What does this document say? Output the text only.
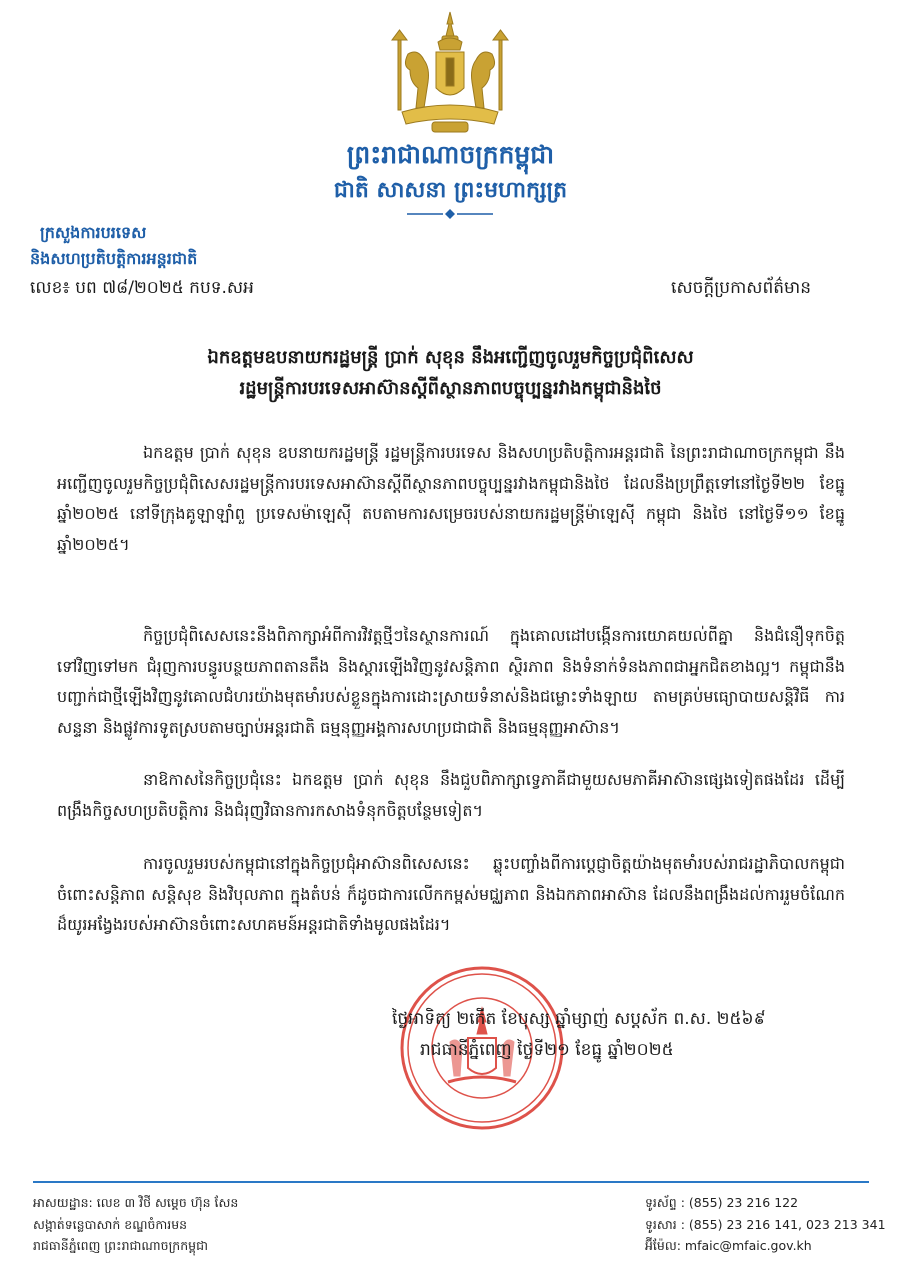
ព្រះរាជាណាចក្រកម្ពុជា
ជាតិ សាសនា ព្រះមហាក្សត្រ
ក្រសួងការបរទេស
និងសហប្រតិបត្តិការអន្តរជាតិ
លេខ៖ បព ៧៨/២០២៥ កបទ.សអ	សេចក្តីប្រកាសព័ត៌មាន
ឯកឧត្តមឧបនាយករដ្ឋមន្ត្រី ប្រាក់ សុខុន នឹងអញ្ជើញចូលរួមកិច្ចប្រជុំពិសេស
រដ្ឋមន្ត្រីការបរទេសអាស៊ានស្តីពីស្ថានភាពបច្ចុប្បន្នរវាងកម្ពុជានិងថៃ
ឯកឧត្តម ប្រាក់ សុខុន ឧបនាយករដ្ឋមន្ត្រី រដ្ឋមន្ត្រីការបរទេស និងសហប្រតិបត្តិការអន្តរជាតិ នៃព្រះរាជាណាចក្រកម្ពុជា នឹងអញ្ជើញចូលរួមកិច្ចប្រជុំពិសេសរដ្ឋមន្ត្រីការបរទេសអាស៊ានស្តីពីស្ថានភាពបច្ចុប្បន្នរវាងកម្ពុជានិងថៃ ដែលនឹងប្រព្រឹត្តទៅនៅថ្ងៃទី២២ ខែធ្នូ ឆ្នាំ២០២៥ នៅទីក្រុងគូឡាឡាំពួ ប្រទេសម៉ាឡេស៊ី តបតាមការសម្រេចរបស់នាយករដ្ឋមន្ត្រីម៉ាឡេស៊ី កម្ពុជា និងថៃ នៅថ្ងៃទី១១ ខែធ្នូ ឆ្នាំ២០២៥។
កិច្ចប្រជុំពិសេសនេះនឹងពិភាក្សាអំពីការវិវត្តថ្មីៗនៃស្ថានការណ៍ ក្នុងគោលដៅបង្កើនការយោគយល់ពីគ្នា និងជំនឿទុកចិត្តទៅវិញទៅមក ជំរុញការបន្ធូរបន្ថយភាពតានតឹង និងស្តារឡើងវិញនូវសន្តិភាព ស្ថិរភាព និងទំនាក់ទំនងភាពជាអ្នកជិតខាងល្អ។ កម្ពុជានឹងបញ្ជាក់ជាថ្មីឡើងវិញនូវគោលជំហរយ៉ាងមុតមាំរបស់ខ្លួនក្នុងការដោះស្រាយទំនាស់និងជម្លោះទាំងឡាយ តាមគ្រប់មធ្យោបាយសន្តិវិធី ការសន្ទនា និងផ្លូវការទូតស្របតាមច្បាប់អន្តរជាតិ ធម្មនុញ្ញអង្គការសហប្រជាជាតិ និងធម្មនុញ្ញអាស៊ាន។
នាឱកាសនៃកិច្ចប្រជុំនេះ ឯកឧត្តម ប្រាក់ សុខុន នឹងជួបពិភាក្សាទ្វេភាគីជាមួយសមភាគីអាស៊ានផ្សេងទៀតផងដែរ ដើម្បីពង្រឹងកិច្ចសហប្រតិបត្តិការ និងជំរុញវិធានការកសាងទំនុកចិត្តបន្ថែមទៀត។
ការចូលរួមរបស់កម្ពុជានៅក្នុងកិច្ចប្រជុំអាស៊ានពិសេសនេះ ឆ្លុះបញ្ចាំងពីការប្តេជ្ញាចិត្តយ៉ាងមុតមាំរបស់រាជរដ្ឋាភិបាលកម្ពុជា ចំពោះសន្តិភាព សន្តិសុខ និងវិបុលភាព ក្នុងតំបន់ ក៏ដូចជាការលើកកម្ពស់មជ្ឈភាព និងឯកភាពអាស៊ាន ដែលនឹងពង្រឹងដល់ការរួមចំណែកដ៏យូរអង្វែងរបស់អាស៊ានចំពោះសហគមន៍អន្តរជាតិទាំងមូលផងដែរ។
ថ្ងៃអាទិត្យ ២កើត ខែបុស្ស ឆ្នាំម្សាញ់ សប្តស័ក ព.ស. ២៥៦៩
រាជធានីភ្នំពេញ ថ្ងៃទី២១ ខែធ្នូ ឆ្នាំ២០២៥
អាសយដ្ឋាន: លេខ ៣ វិថី សម្ដេច ហ៊ុន សែន
សង្កាត់ទន្លេបាសាក់ ខណ្ឌចំការមន
រាជធានីភ្នំពេញ ព្រះរាជាណាចក្រកម្ពុជា
ទូរស័ព្ទ : (855) 23 216 122
ទូរសារ : (855) 23 216 141, 023 213 341
អ៊ីម៉ែល: mfaic@mfaic.gov.kh
